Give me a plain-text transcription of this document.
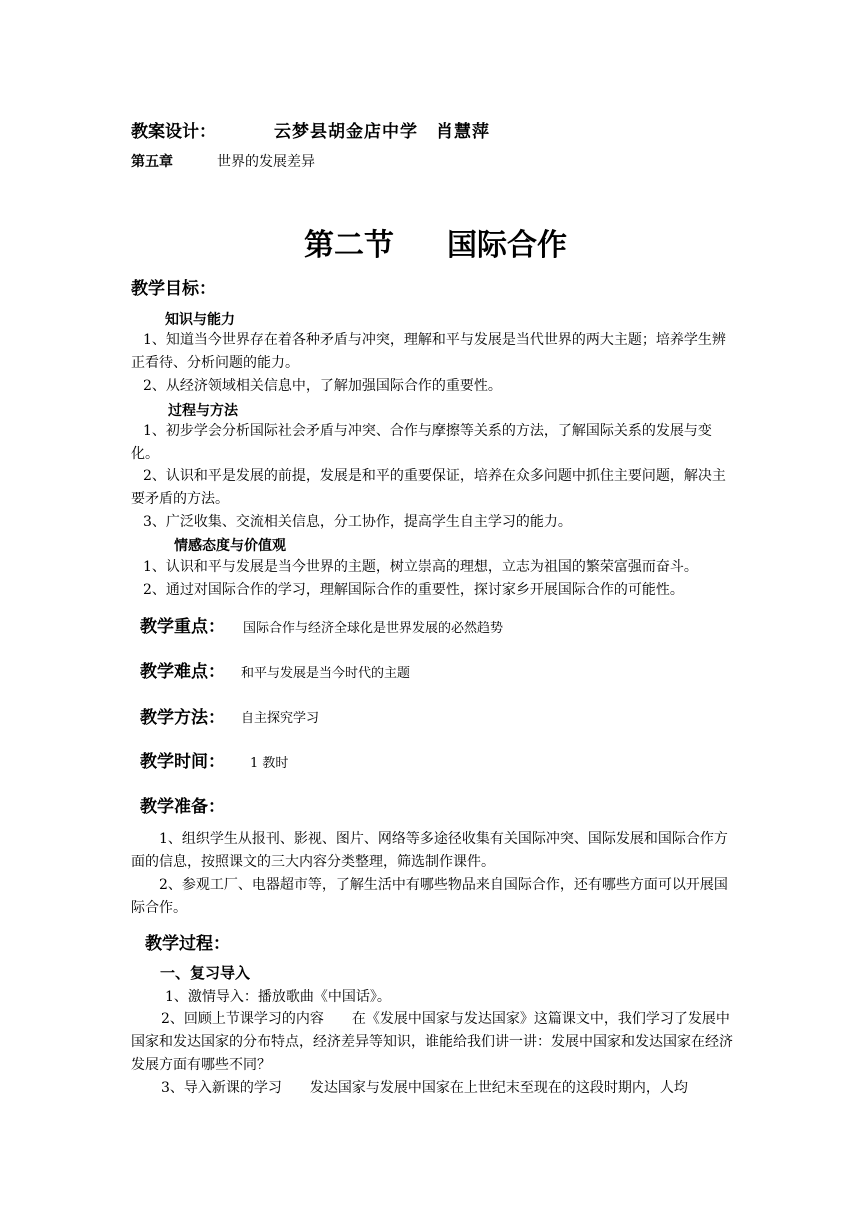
教案设计：	云梦县胡金店中学　肖慧萍
第五章	世界的发展差异
第二节 国际合作
教学目标：
知识与能力
1、知道当今世界存在着各种矛盾与冲突，理解和平与发展是当代世界的两大主题；培养学生辨正看待、分析问题的能力。
2、从经济领域相关信息中，了解加强国际合作的重要性。
过程与方法
1、初步学会分析国际社会矛盾与冲突、合作与摩擦等关系的方法，了解国际关系的发展与变化。
2、认识和平是发展的前提，发展是和平的重要保证，培养在众多问题中抓住主要问题，解决主要矛盾的方法。
3、广泛收集、交流相关信息，分工协作，提高学生自主学习的能力。
情感态度与价值观
1、认识和平与发展是当今世界的主题，树立崇高的理想，立志为祖国的繁荣富强而奋斗。
2、通过对国际合作的学习，理解国际合作的重要性，探讨家乡开展国际合作的可能性。
教学重点： 国际合作与经济全球化是世界发展的必然趋势
教学难点： 和平与发展是当今时代的主题
教学方法： 自主探究学习
教学时间： 1 教时
教学准备：
1、组织学生从报刊、影视、图片、网络等多途径收集有关国际冲突、国际发展和国际合作方面的信息，按照课文的三大内容分类整理，筛选制作课件。
2、参观工厂、电器超市等，了解生活中有哪些物品来自国际合作，还有哪些方面可以开展国际合作。
教学过程：
一、复习导入
1、激情导入：播放歌曲《中国话》。
2、回顾上节课学习的内容　　在《发展中国家与发达国家》这篇课文中，我们学习了发展中国家和发达国家的分布特点，经济差异等知识，谁能给我们讲一讲：发展中国家和发达国家在经济发展方面有哪些不同？
3、导入新课的学习　　发达国家与发展中国家在上世纪末至现在的这段时期内，人均
